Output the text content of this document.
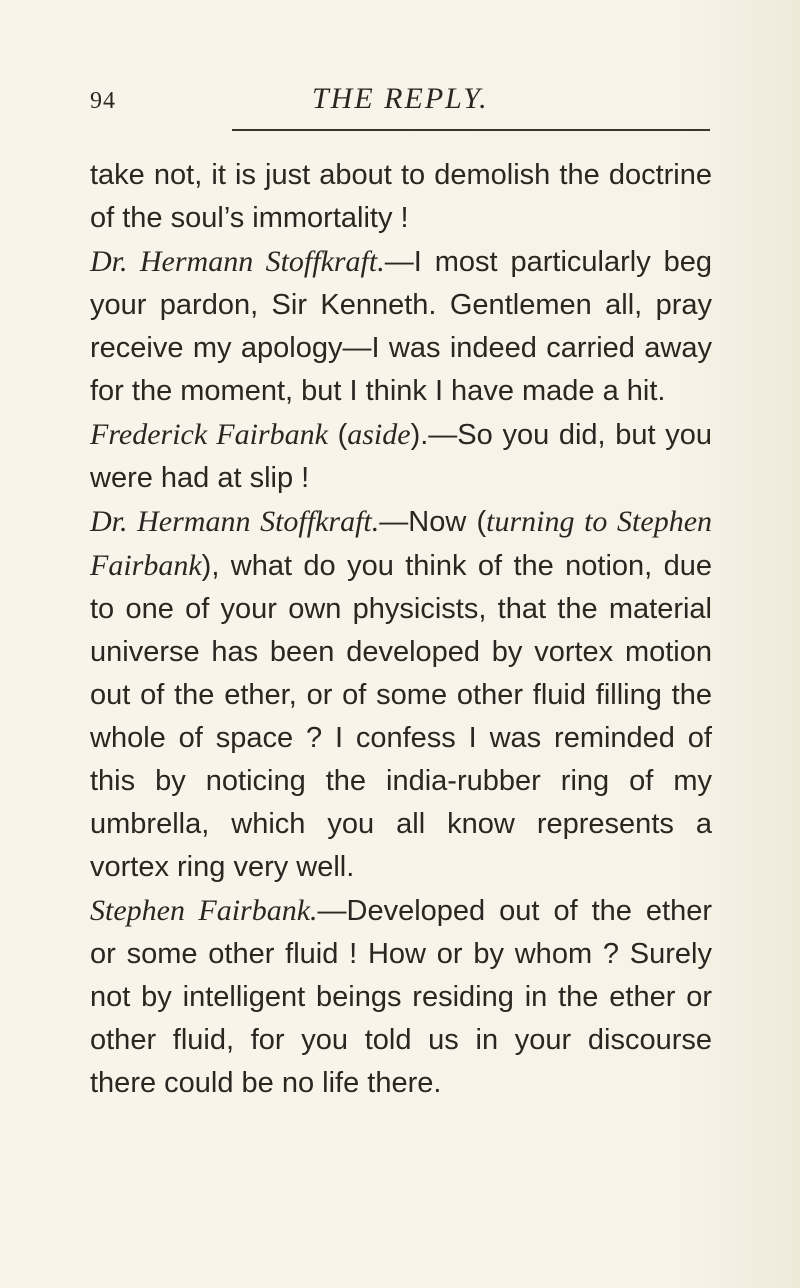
94	THE REPLY.

take not, it is just about to demolish the doctrine of the soul’s immortality !

Dr. Hermann Stoffkraft.—I most particularly beg your pardon, Sir Kenneth. Gentlemen all, pray receive my apology—I was indeed carried away for the moment, but I think I have made a hit.

Frederick Fairbank (aside).—So you did, but you were had at slip !

Dr. Hermann Stoffkraft.—Now (turning to Stephen Fairbank), what do you think of the notion, due to one of your own physicists, that the material universe has been developed by vortex motion out of the ether, or of some other fluid filling the whole of space ? I confess I was reminded of this by noticing the india-rubber ring of my umbrella, which you all know represents a vortex ring very well.

Stephen Fairbank.—Developed out of the ether or some other fluid ! How or by whom ? Surely not by intelligent beings residing in the ether or other fluid, for you told us in your discourse there could be no life there.
